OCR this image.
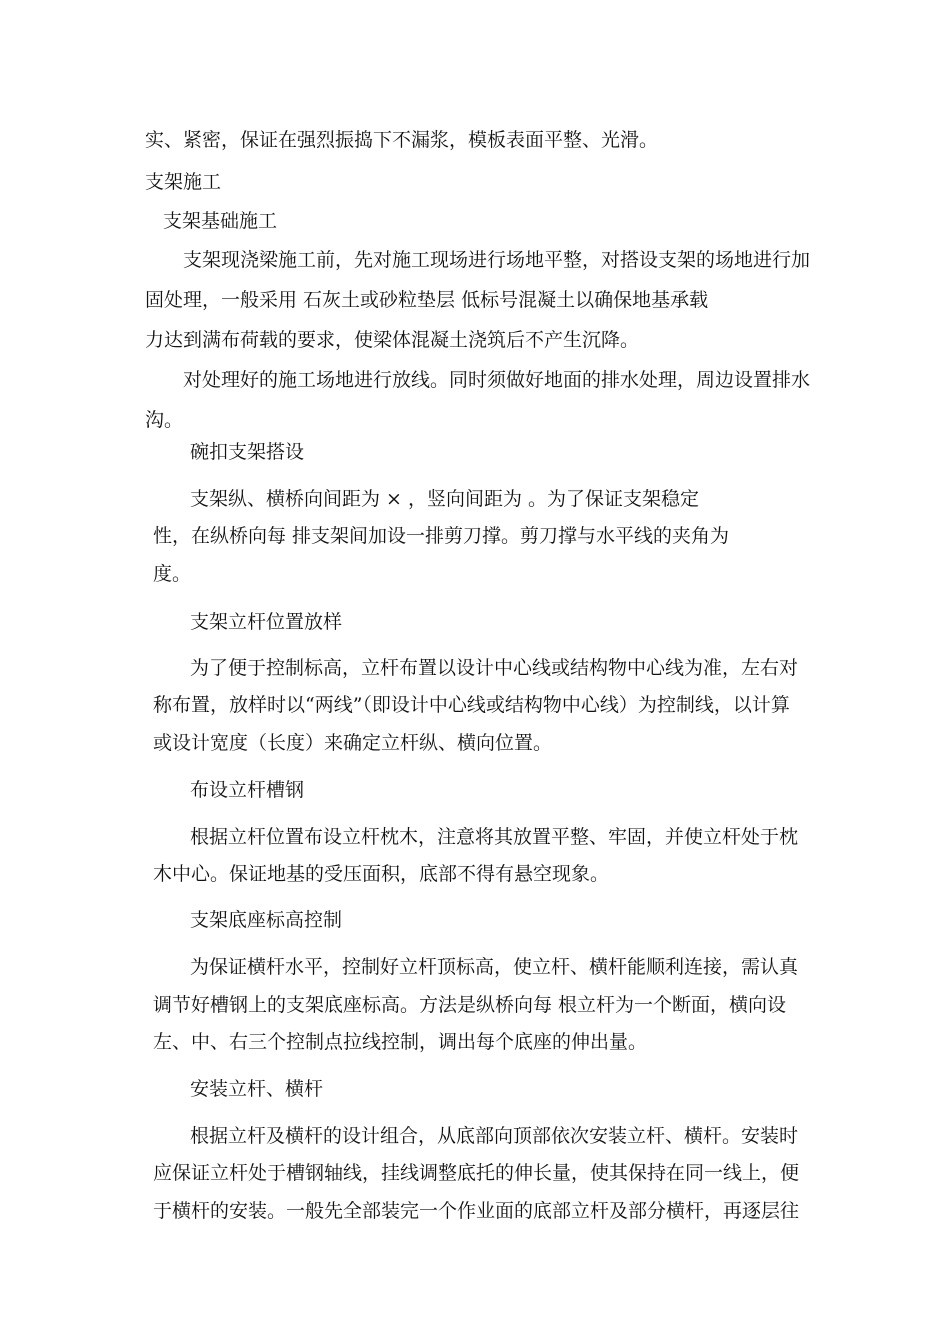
实、紧密，保证在强烈振捣下不漏浆，模板表面平整、光滑。
支架施工
支架基础施工
支架现浇梁施工前，先对施工现场进行场地平整，对搭设支架的场地进行加
固处理，一般采用 石灰土或砂粒垫层 低标号混凝土以确保地基承载
力达到满布荷载的要求，使梁体混凝土浇筑后不产生沉降。
对处理好的施工场地进行放线。同时须做好地面的排水处理，周边设置排水
沟。
碗扣支架搭设
支架纵、横桥向间距为 × ，竖向间距为 。为了保证支架稳定
性，在纵桥向每 排支架间加设一排剪刀撑。剪刀撑与水平线的夹角为
度。
支架立杆位置放样
为了便于控制标高，立杆布置以设计中心线或结构物中心线为准，左右对
称布置，放样时以“两线”（即设计中心线或结构物中心线）为控制线，以计算
或设计宽度（长度）来确定立杆纵、横向位置。
布设立杆槽钢
根据立杆位置布设立杆枕木，注意将其放置平整、牢固，并使立杆处于枕
木中心。保证地基的受压面积，底部不得有悬空现象。
支架底座标高控制
为保证横杆水平，控制好立杆顶标高，使立杆、横杆能顺利连接，需认真
调节好槽钢上的支架底座标高。方法是纵桥向每 根立杆为一个断面，横向设
左、中、右三个控制点拉线控制，调出每个底座的伸出量。
安装立杆、横杆
根据立杆及横杆的设计组合，从底部向顶部依次安装立杆、横杆。安装时
应保证立杆处于槽钢轴线，挂线调整底托的伸长量，使其保持在同一线上，便
于横杆的安装。一般先全部装完一个作业面的底部立杆及部分横杆，再逐层往
